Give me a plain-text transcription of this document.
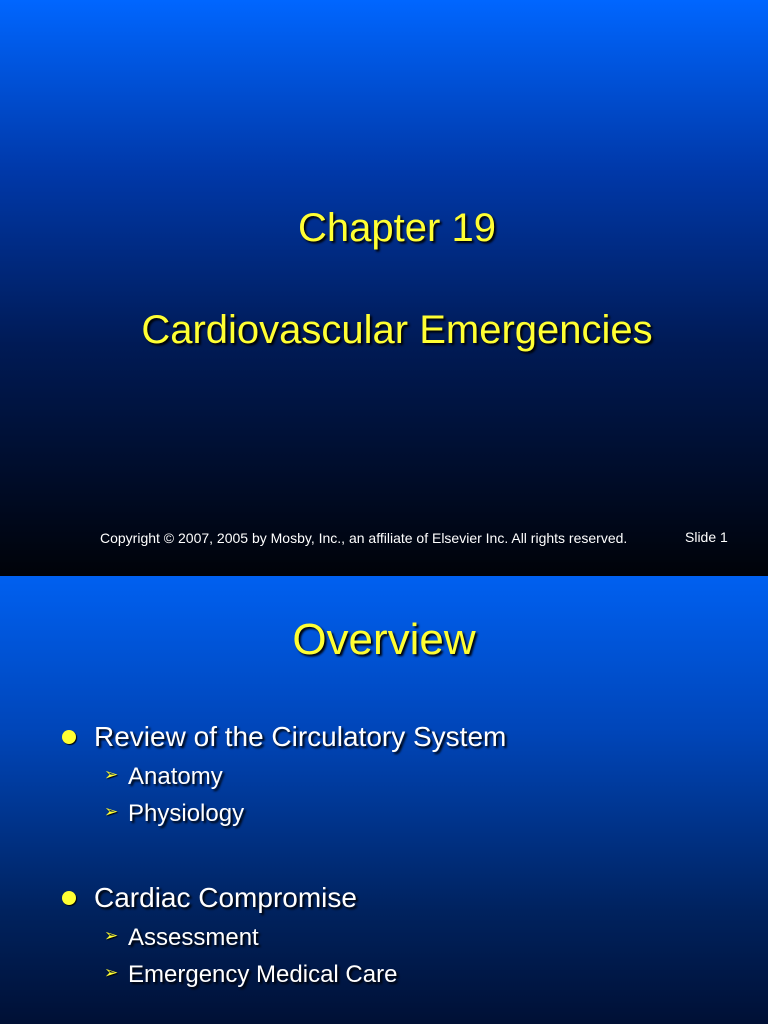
Chapter 19
Cardiovascular Emergencies
Copyright © 2007, 2005 by Mosby, Inc., an affiliate of Elsevier Inc. All rights reserved.	Slide 1
Overview
Review of the Circulatory System
➢ Anatomy
➢ Physiology
Cardiac Compromise
➢ Assessment
➢ Emergency Medical Care
